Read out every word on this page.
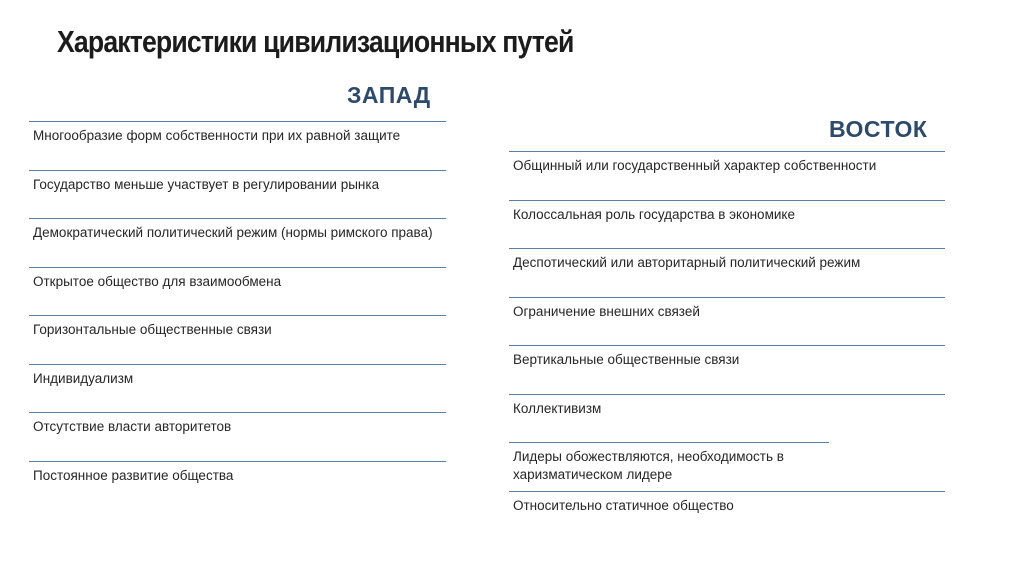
Характеристики цивилизационных путей
ЗАПАД
ВОСТОК
Многообразие форм собственности при их равной защите
Государство меньше участвует в регулировании рынка
Демократический политический режим (нормы римского права)
Открытое общество для взаимообмена
Горизонтальные общественные связи
Индивидуализм
Отсутствие власти авторитетов
Постоянное развитие общества
Общинный или государственный характер собственности
Колоссальная роль государства в экономике
Деспотический или авторитарный политический режим
Ограничение внешних связей
Вертикальные общественные связи
Коллективизм
Лидеры обожествляются, необходимость в харизматическом лидере
Относительно статичное общество
